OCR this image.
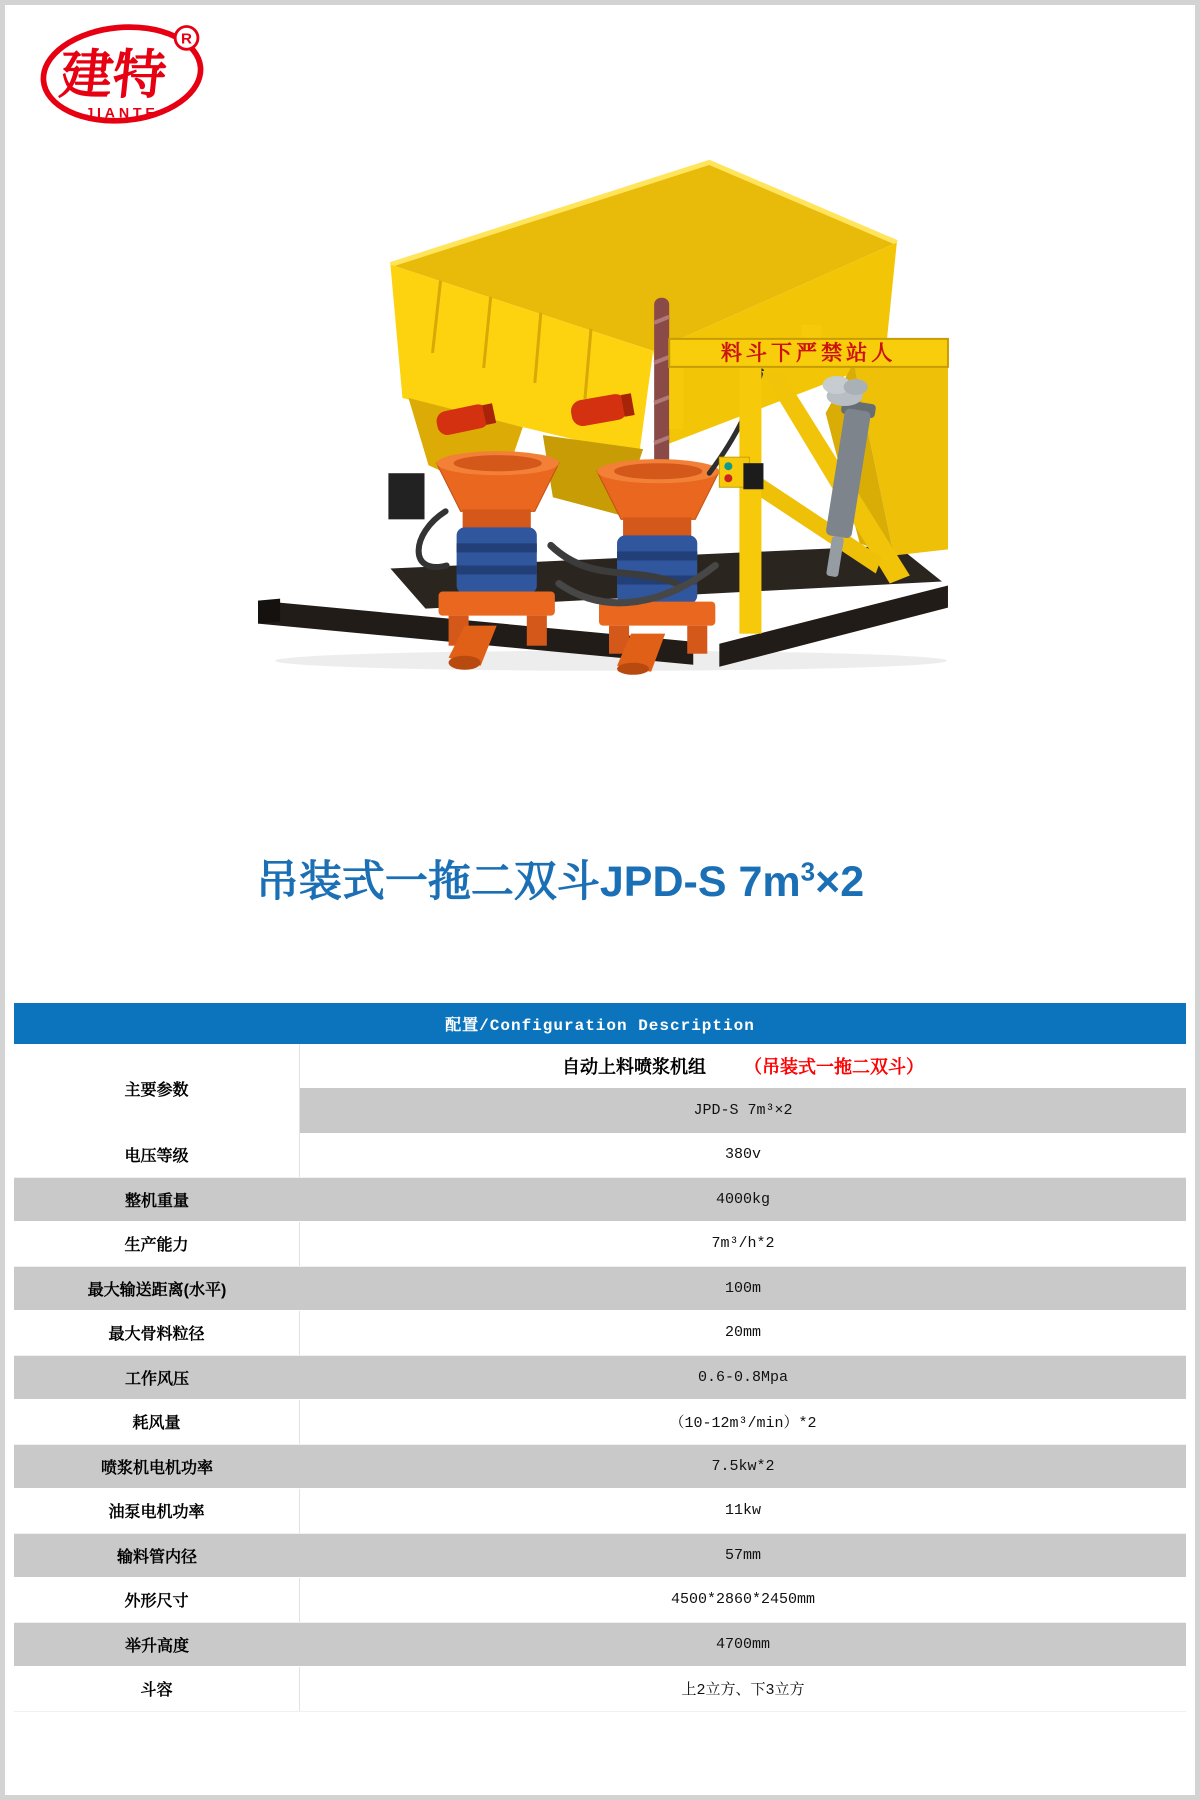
建特
JIANTE
R
料斗下严禁站人
吊装式一拖二双斗JPD-S $7m^3\times 2$
配置/Configuration Description
主要参数
自动上料喷浆机组 （吊装式一拖二双斗）
JPD-S 7m³×2
电压等级	380v
整机重量	4000kg
生产能力	7m³/h*2
最大输送距离(水平)	100m
最大骨料粒径	20mm
工作风压	0.6-0.8Mpa
耗风量	（10-12m³/min）*2
喷浆机电机功率	7.5kw*2
油泵电机功率	11kw
输料管内径	57mm
外形尺寸	4500*2860*2450mm
举升高度	4700mm
斗容	上2立方、下3立方
